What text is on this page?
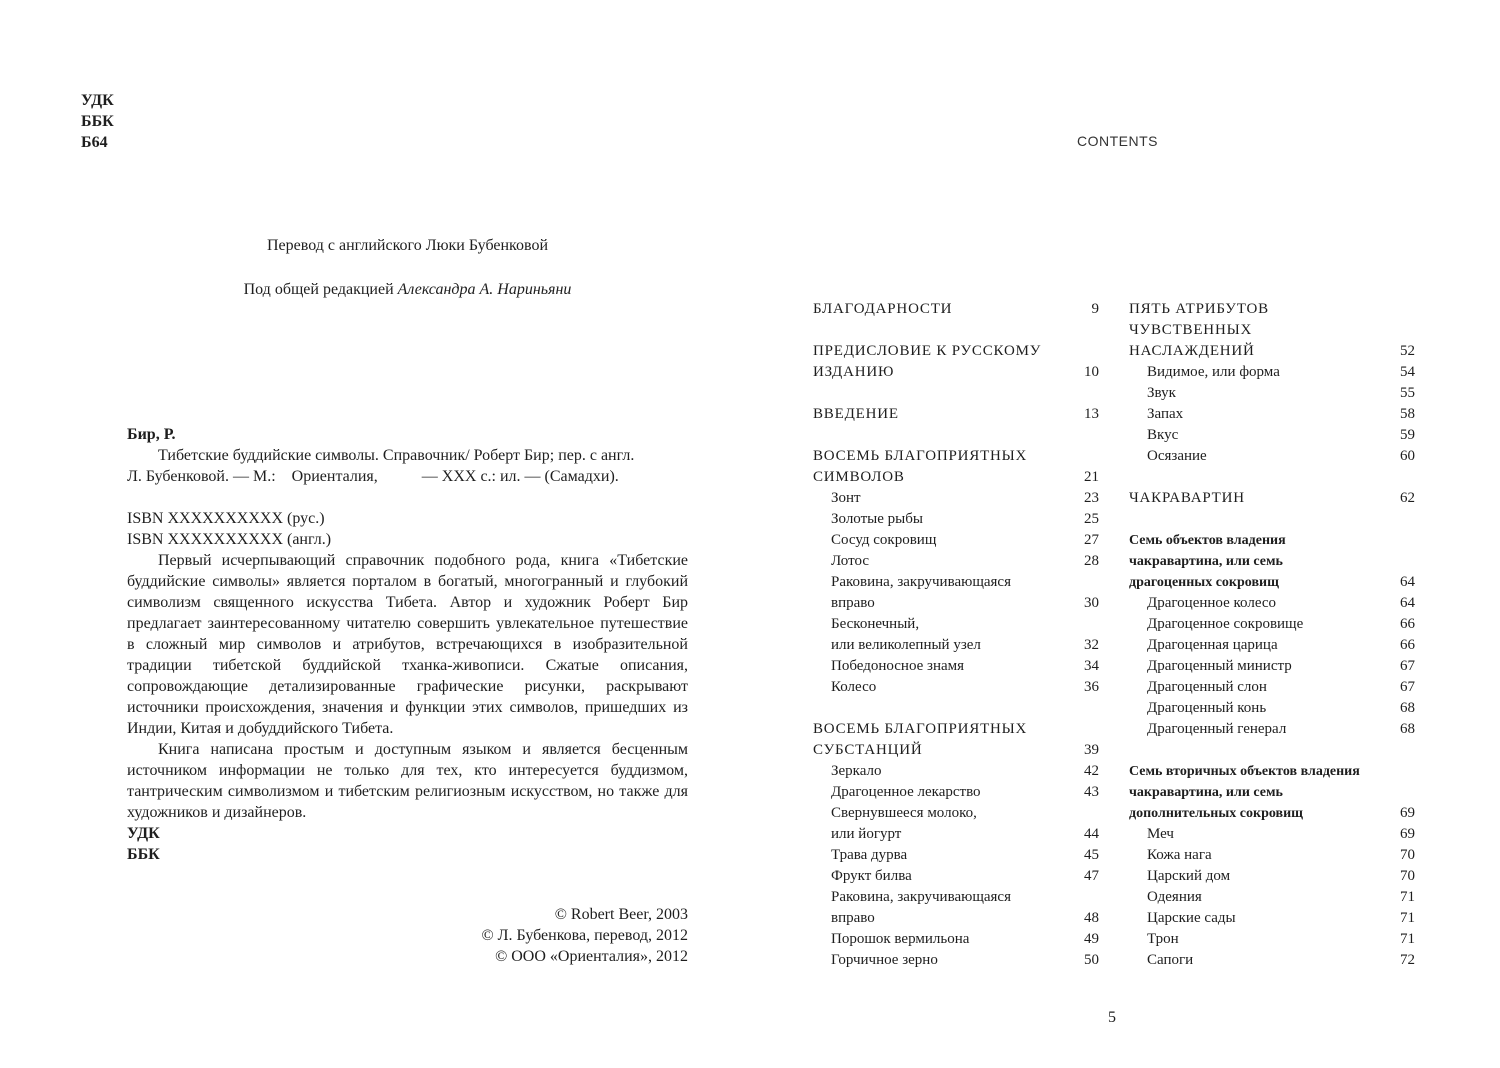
УДК
ББК
Б64
Перевод с английского Люки Бубенковой
Под общей редакцией Александра А. Нариньяни

Бир, Р.

Тибетские буддийские символы. Справочник/ Роберт Бир; пер. с англ.

Л. Бубенковой. — М.:    Ориенталия,           — XXX с.: ил. — (Самадхи).

ISBN XXXXXXXXXX (рус.)

ISBN XXXXXXXXXX (англ.)

Первый исчерпывающий справочник подобного рода, книга «Тибетские буддийские символы» является порталом в богатый, многогранный и глубокий символизм священного искусства Тибета. Автор и художник Роберт Бир предлагает заинтересованному читателю совершить увлекательное путешествие в сложный мир символов и атрибутов, встречающихся в изобразительной традиции тибетской буддийской тханка-живописи. Сжатые описания, сопровождающие детализированные графические рисунки, раскрывают источники происхождения, значения и функции этих символов, пришедших из Индии, Китая и добуддийского Тибета.

Книга написана простым и доступным языком и является бесценным источником информации не только для тех, кто интересуется буддизмом, тантрическим символизмом и тибетским религиозным искусством, но также для художников и дизайнеров.

УДК

ББК

© Robert Beer, 2003
© Л. Бубенкова, перевод, 2012
© ООО «Ориенталия», 2012
CONTENTS
БЛАГОДАРНОСТИ	9
ПРЕДИСЛОВИЕ К РУССКОМУ
ИЗДАНИЮ	10
ВВЕДЕНИЕ	13
ВОСЕМЬ БЛАГОПРИЯТНЫХ
СИМВОЛОВ	21
Зонт	23
Золотые рыбы	25
Сосуд сокровищ	27
Лотос	28
Раковина, закручивающаяся
вправо	30
Бесконечный,
или великолепный узел	32
Победоносное знамя	34
Колесо	36
ВОСЕМЬ БЛАГОПРИЯТНЫХ
СУБСТАНЦИЙ	39
Зеркало	42
Драгоценное лекарство	43
Свернувшееся молоко,
или йогурт	44
Трава дурва	45
Фрукт билва	47
Раковина, закручивающаяся
вправо	48
Порошок вермильона	49
Горчичное зерно	50
ПЯТЬ АТРИБУТОВ
ЧУВСТВЕННЫХ
НАСЛАЖДЕНИЙ	52
Видимое, или форма	54
Звук	55
Запах	58
Вкус	59
Осязание	60
ЧАКРАВАРТИН	62
Семь объектов владения
чакравартина, или семь
драгоценных сокровищ	64
Драгоценное колесо	64
Драгоценное сокровище	66
Драгоценная царица	66
Драгоценный министр	67
Драгоценный слон	67
Драгоценный конь	68
Драгоценный генерал	68
Семь вторичных объектов владения
чакравартина, или семь
дополнительных сокровищ	69
Меч	69
Кожа нага	70
Царский дом	70
Одеяния	71
Царские сады	71
Трон	71
Сапоги	72
5
